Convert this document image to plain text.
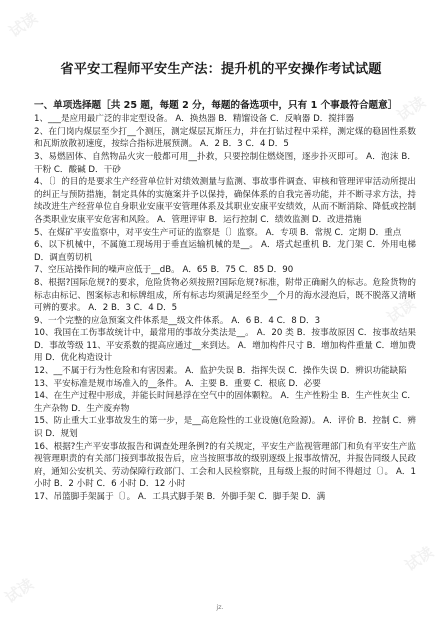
省平安工程师平安生产法：提升机的平安操作考试试题
一、单项选择题［共 25 题，每题 2 分，每题的备选项中，只有 1 个事最符合题意］

1、___是应用最广泛的非定型设备。 A．换热器 B．精馏设备 C．反响器 D．搅拌器

2、在门岗内煤层至少打__个测压，测定煤层瓦斯压力，并在打钻过程中采样，测定煤的稳固性系数和瓦斯放散初速度，按综合指标进展预测。 A．2 B．3 C．4 D．5

3、易燃固体、自然物品火灾一般都可用__扑救，只要控制住燃烧图，逐步扑灭即可。 A．泡沫 B．干粉 C．酸碱 D．干砂

4、〔〕的目的是要求生产经营单位针对绩效测量与监测、事故事件调查、审核和管理评审活动所提出的纠正与预防措施，制定具体的实施案并予以保持，确保体系的自我完善功能，并不断寻求方法，持续改进生产经营单位自身职业安康平安管理体系及其职业安康平安绩效，从而不断消除、降低或控制各类职业安康平安危害和风险。 A．管理评审 B．运行控制 C．绩效监测 D．改进措施

5、在煤矿平安监察中，对平安生产可证的监察是〔〕监察。 A．专项 B．常规 C．定期 D．重点

6、以下机械中，不属施工现场用于垂直运输机械的是__。 A．塔式起重机 B．龙门架 C．外用电梯 D．调直剪切机

7、空压站操作间的噪声应低于__dB。 A．65 B．75 C．85 D．90

8、根据?国际危规?的要求，危险货物必须按照?国际危规?标准，附带正确耐久的标志。危险货物的标志由标记、图案标志和标牌组成，所有标志均须满足经至少__个月的海水浸泡后，既不脱落又清晰可辨的要求。 A．2 B．3 C．4 D．5

9、一个完整的应急预案文件体系是__级文件体系。 A．6 B．4 C．8 D．3

10、我国在工伤事故统计中，最常用的事故分类法是__。 A．20 类 B．按事故原因 C．按事故结果 D．事故等级 11、平安系数的提高应通过__来到达。 A．增加构件尺寸 B．增加构件重量 C．增加费用 D．优化构造设计

12、__不属于行为性危险和有害因素。 A．监护失误 B．指挥失误 C．操作失误 D．辨识功能缺陷

13、平安标准是规市场准入的__条件。 A．主要 B．重要 C．根底 D．必要

14、在生产过程中形成，并能长时间悬浮在空气中的固体颗粒。 A．生产性粉尘 B．生产性灰尘 C．生产杂物 D．生产废弃物

15、防止重大工业事故发生的第一步，是__高危险性的工业设施(危险源)。 A．评价 B．控制 C．辨识 D．规划

16、根据?生产平安事故报告和调查处理条例?的有关规定，平安生产监视管理部门和负有平安生产监视管理职责的有关部门接到事故报告后，应当按照事故的级别逐级上报事故情况，并报告同级人民政府，通知公安机关、劳动保障行政部门、工会和人民检察院，且每级上报的时间不得超过〔〕。 A．1 小时 B．2 小时 C．6 小时 D．12 小时

17、吊篮脚手架属于〔〕。 A．工具式脚手架 B．外脚手架 C．脚手架 D．满

试读
试读
试读
试读
试读
jz.
